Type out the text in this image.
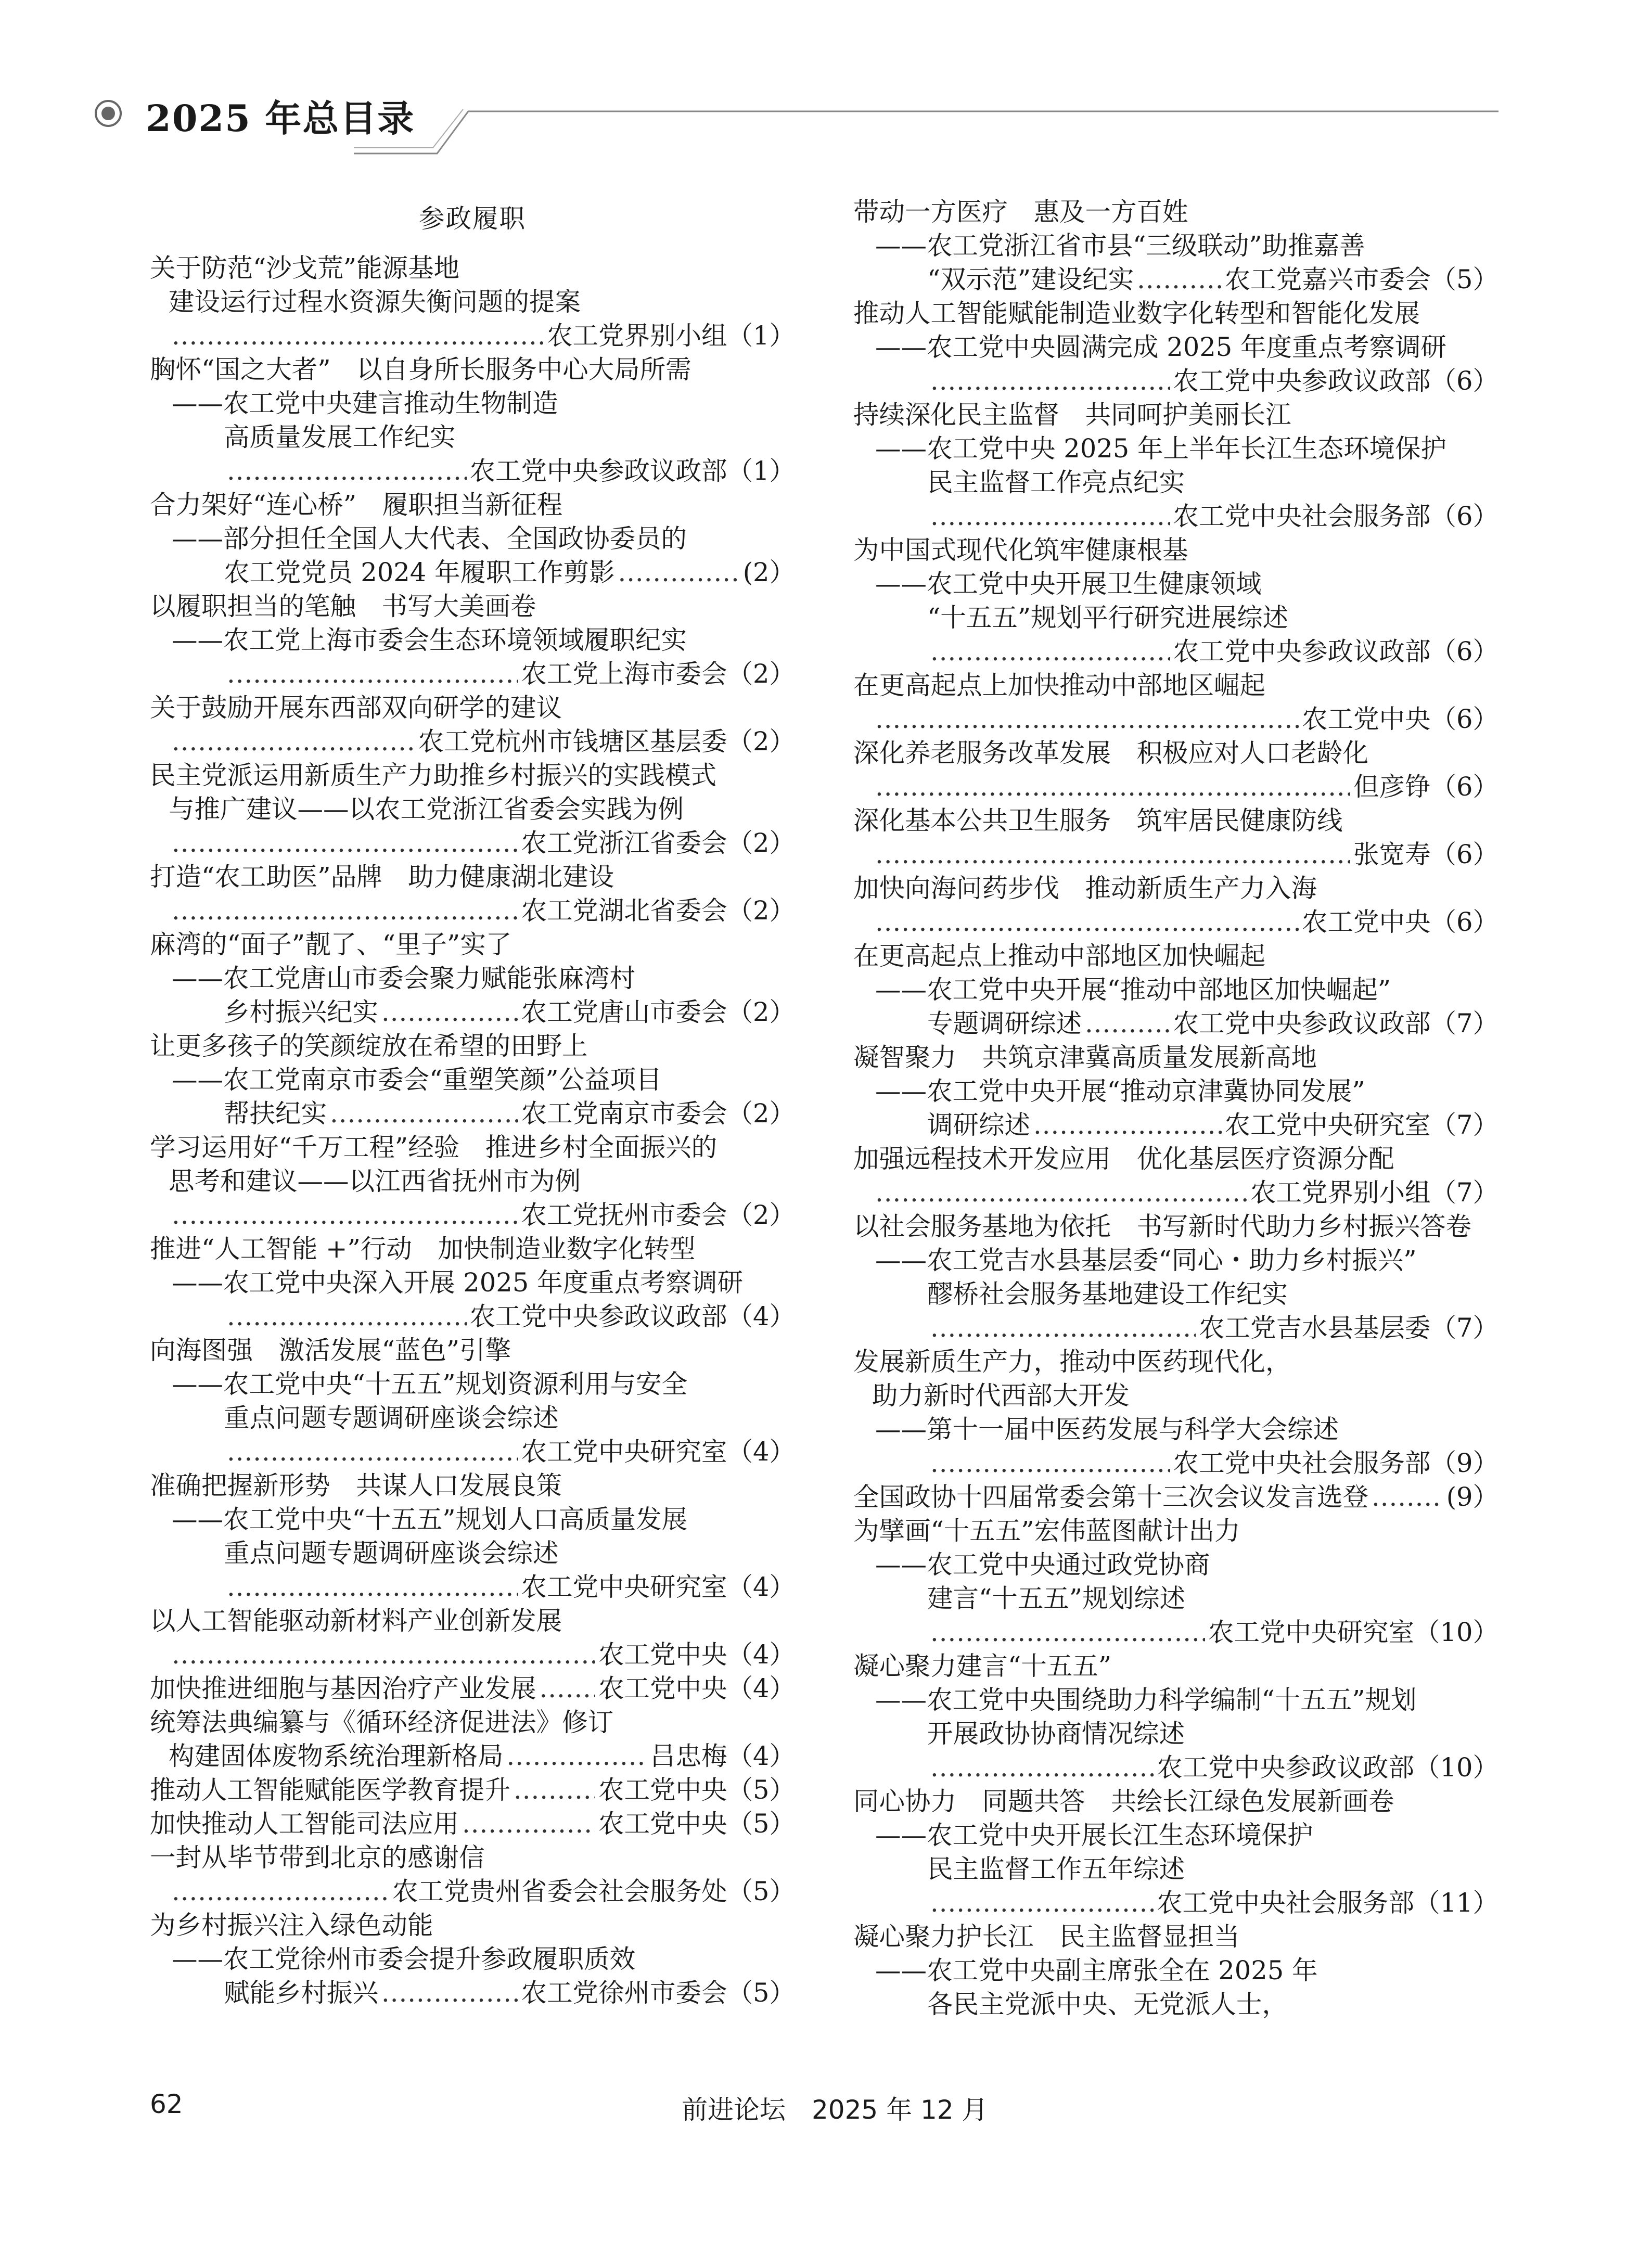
2025 年总目录
参政履职
关于防范“沙戈荒”能源基地
建设运行过程水资源失衡问题的提案
.....
农工党界别小组（1）
胸怀“国之大者”　以自身所长服务中心大局所需
——农工党中央建言推动生物制造
高质量发展工作纪实
.....
农工党中央参政议政部（1）
合力架好“连心桥”　履职担当新征程
——部分担任全国人大代表、全国政协委员的
农工党党员 2024 年履职工作剪影 .....	(2）
以履职担当的笔触　书写大美画卷
——农工党上海市委会生态环境领域履职纪实
.....
农工党上海市委会（2）
关于鼓励开展东西部双向研学的建议
.....
农工党杭州市钱塘区基层委（2）
民主党派运用新质生产力助推乡村振兴的实践模式
与推广建议——以农工党浙江省委会实践为例
.....
农工党浙江省委会（2）
打造“农工助医”品牌　助力健康湖北建设
.....
农工党湖北省委会（2）
麻湾的“面子”靓了、“里子”实了
——农工党唐山市委会聚力赋能张麻湾村
乡村振兴纪实 .....	农工党唐山市委会（2）
让更多孩子的笑颜绽放在希望的田野上
——农工党南京市委会“重塑笑颜”公益项目
帮扶纪实 .....	农工党南京市委会（2）
学习运用好“千万工程”经验　推进乡村全面振兴的
思考和建议——以江西省抚州市为例
.....
农工党抚州市委会（2）
推进“人工智能 +”行动　加快制造业数字化转型
——农工党中央深入开展 2025 年度重点考察调研
.....
农工党中央参政议政部（4）
向海图强　激活发展“蓝色”引擎
——农工党中央“十五五”规划资源利用与安全
重点问题专题调研座谈会综述
.....
农工党中央研究室（4）
准确把握新形势　共谋人口发展良策
——农工党中央“十五五”规划人口高质量发展
重点问题专题调研座谈会综述
.....
农工党中央研究室（4）
以人工智能驱动新材料产业创新发展
.....
农工党中央（4）
加快推进细胞与基因治疗产业发展 ..... 农工党中央（4）
统筹法典编纂与《循环经济促进法》修订
构建固体废物系统治理新格局 .....	吕忠梅（4）
推动人工智能赋能医学教育提升 .....	农工党中央（5）
加快推动人工智能司法应用 .....	农工党中央（5）
一封从毕节带到北京的感谢信
.....
农工党贵州省委会社会服务处（5）
为乡村振兴注入绿色动能
——农工党徐州市委会提升参政履职质效
赋能乡村振兴 .....	农工党徐州市委会（5）
带动一方医疗　惠及一方百姓
——农工党浙江省市县“三级联动”助推嘉善
“双示范”建设纪实 .....	农工党嘉兴市委会（5）
推动人工智能赋能制造业数字化转型和智能化发展
——农工党中央圆满完成 2025 年度重点考察调研
.....
农工党中央参政议政部（6）
持续深化民主监督　共同呵护美丽长江
——农工党中央 2025 年上半年长江生态环境保护
民主监督工作亮点纪实
.....
农工党中央社会服务部（6）
为中国式现代化筑牢健康根基
——农工党中央开展卫生健康领域
“十五五”规划平行研究进展综述
.....
农工党中央参政议政部（6）
在更高起点上加快推动中部地区崛起
.....
农工党中央（6）
深化养老服务改革发展　积极应对人口老龄化
.....
但彦铮（6）
深化基本公共卫生服务　筑牢居民健康防线
.....
张宽寿（6）
加快向海问药步伐　推动新质生产力入海
.....
农工党中央（6）
在更高起点上推动中部地区加快崛起
——农工党中央开展“推动中部地区加快崛起”
专题调研综述 .....	农工党中央参政议政部（7）
凝智聚力　共筑京津冀高质量发展新高地
——农工党中央开展“推动京津冀协同发展”
调研综述 .....	农工党中央研究室（7）
加强远程技术开发应用　优化基层医疗资源分配
.....
农工党界别小组（7）
以社会服务基地为依托　书写新时代助力乡村振兴答卷
——农工党吉水县基层委“同心・助力乡村振兴”
醪桥社会服务基地建设工作纪实
.....
农工党吉水县基层委（7）
发展新质生产力，推动中医药现代化，
助力新时代西部大开发
——第十一届中医药发展与科学大会综述
.....
农工党中央社会服务部（9）
全国政协十四届常委会第十三次会议发言选登 .....	(9）
为擘画“十五五”宏伟蓝图献计出力
——农工党中央通过政党协商
建言“十五五”规划综述
.....
农工党中央研究室（10）
凝心聚力建言“十五五”
——农工党中央围绕助力科学编制“十五五”规划
开展政协协商情况综述
.....
农工党中央参政议政部（10）
同心协力　同题共答　共绘长江绿色发展新画卷
——农工党中央开展长江生态环境保护
民主监督工作五年综述
.....
农工党中央社会服务部（11）
凝心聚力护长江　民主监督显担当
——农工党中央副主席张全在 2025 年
各民主党派中央、无党派人士，
62	前进论坛 2025 年 12 月
